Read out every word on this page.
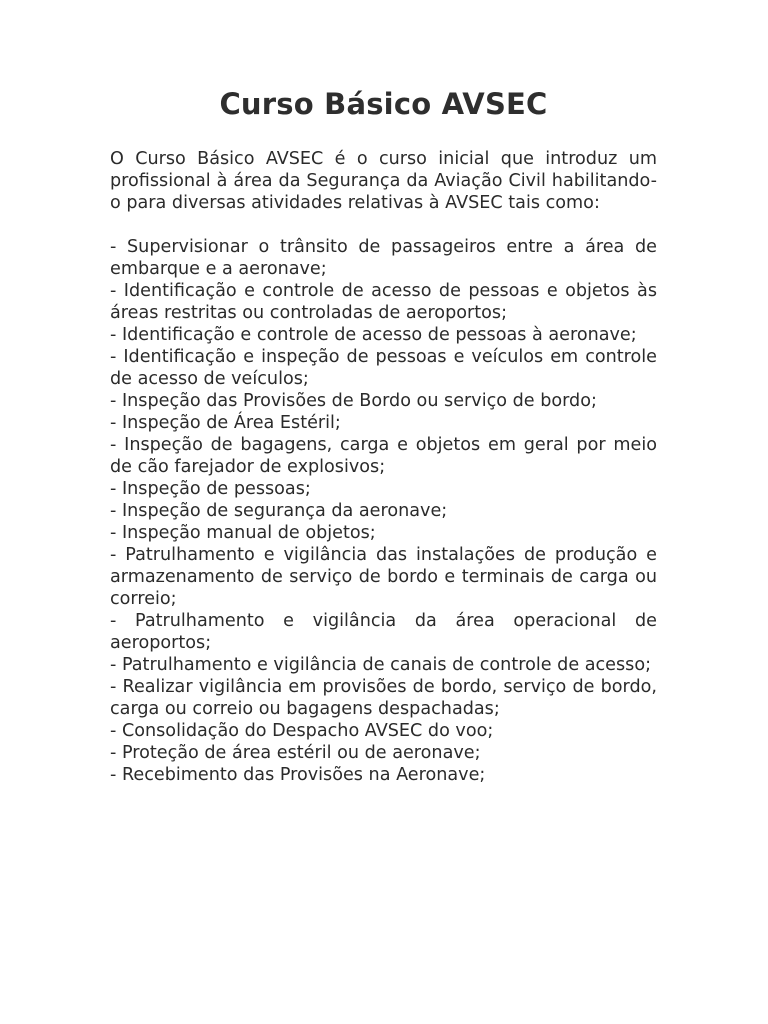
Curso Básico AVSEC

O Curso Básico AVSEC é o curso inicial que introduz um profissional à área da Segurança da Aviação Civil habilitando-o para diversas atividades relativas à AVSEC tais como:

- Supervisionar o trânsito de passageiros entre a área de embarque e a aeronave;
- Identificação e controle de acesso de pessoas e objetos às áreas restritas ou controladas de aeroportos;
- Identificação e controle de acesso de pessoas à aeronave;
- Identificação e inspeção de pessoas e veículos em controle de acesso de veículos;
- Inspeção das Provisões de Bordo ou serviço de bordo;
- Inspeção de Área Estéril;
- Inspeção de bagagens, carga e objetos em geral por meio de cão farejador de explosivos;
- Inspeção de pessoas;
- Inspeção de segurança da aeronave;
- Inspeção manual de objetos;
- Patrulhamento e vigilância das instalações de produção e armazenamento de serviço de bordo e terminais de carga ou correio;
- Patrulhamento e vigilância da área operacional de aeroportos;
- Patrulhamento e vigilância de canais de controle de acesso;
- Realizar vigilância em provisões de bordo, serviço de bordo, carga ou correio ou bagagens despachadas;
- Consolidação do Despacho AVSEC do voo;
- Proteção de área estéril ou de aeronave;
- Recebimento das Provisões na Aeronave;
